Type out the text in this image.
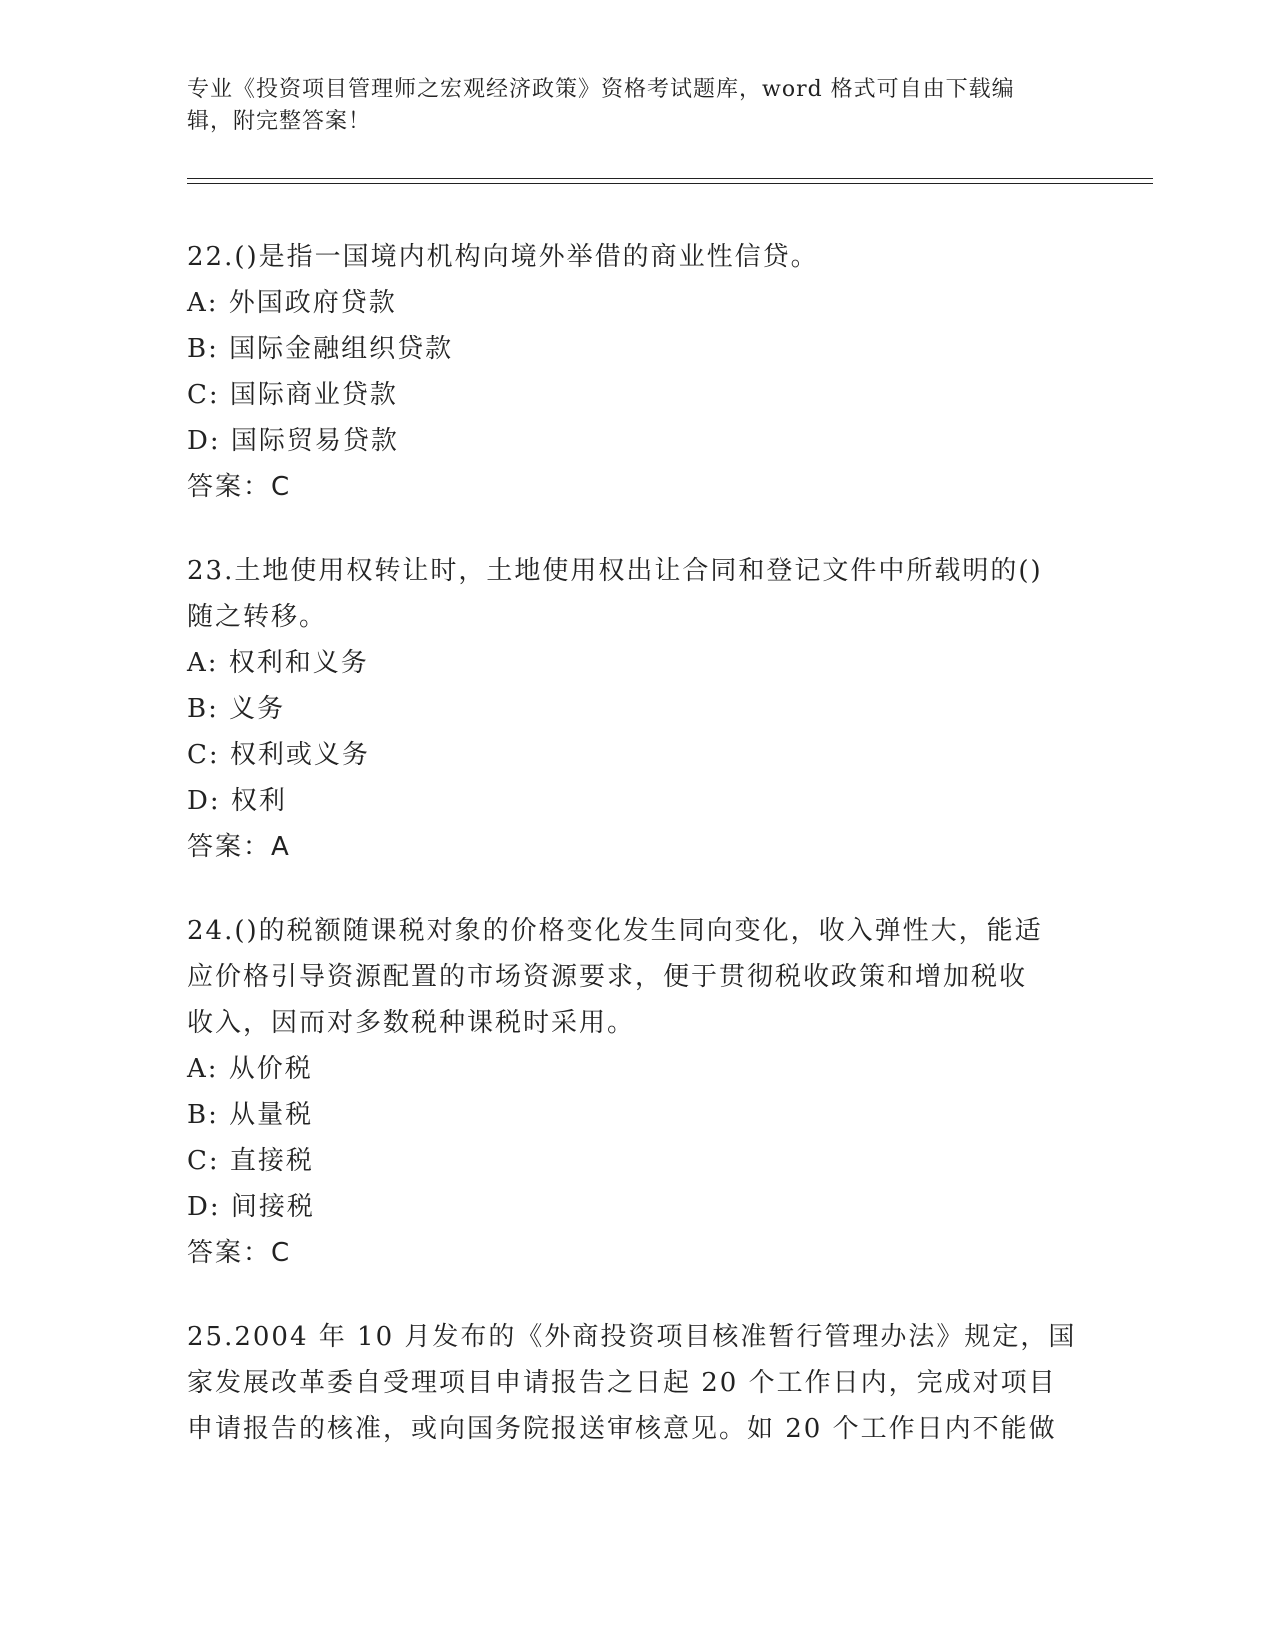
专业《投资项目管理师之宏观经济政策》资格考试题库，word 格式可自由下载编
辑，附完整答案！
22.()是指一国境内机构向境外举借的商业性信贷。
A: 外国政府贷款
B: 国际金融组织贷款
C: 国际商业贷款
D: 国际贸易贷款
答案：C
23.土地使用权转让时，土地使用权出让合同和登记文件中所载明的()
随之转移。
A: 权利和义务
B: 义务
C: 权利或义务
D: 权利
答案：A
24.()的税额随课税对象的价格变化发生同向变化，收入弹性大，能适
应价格引导资源配置的市场资源要求，便于贯彻税收政策和增加税收
收入，因而对多数税种课税时采用。
A: 从价税
B: 从量税
C: 直接税
D: 间接税
答案：C
25.2004 年 10 月发布的《外商投资项目核准暂行管理办法》规定，国
家发展改革委自受理项目申请报告之日起 20 个工作日内，完成对项目
申请报告的核准，或向国务院报送审核意见。如 20 个工作日内不能做
